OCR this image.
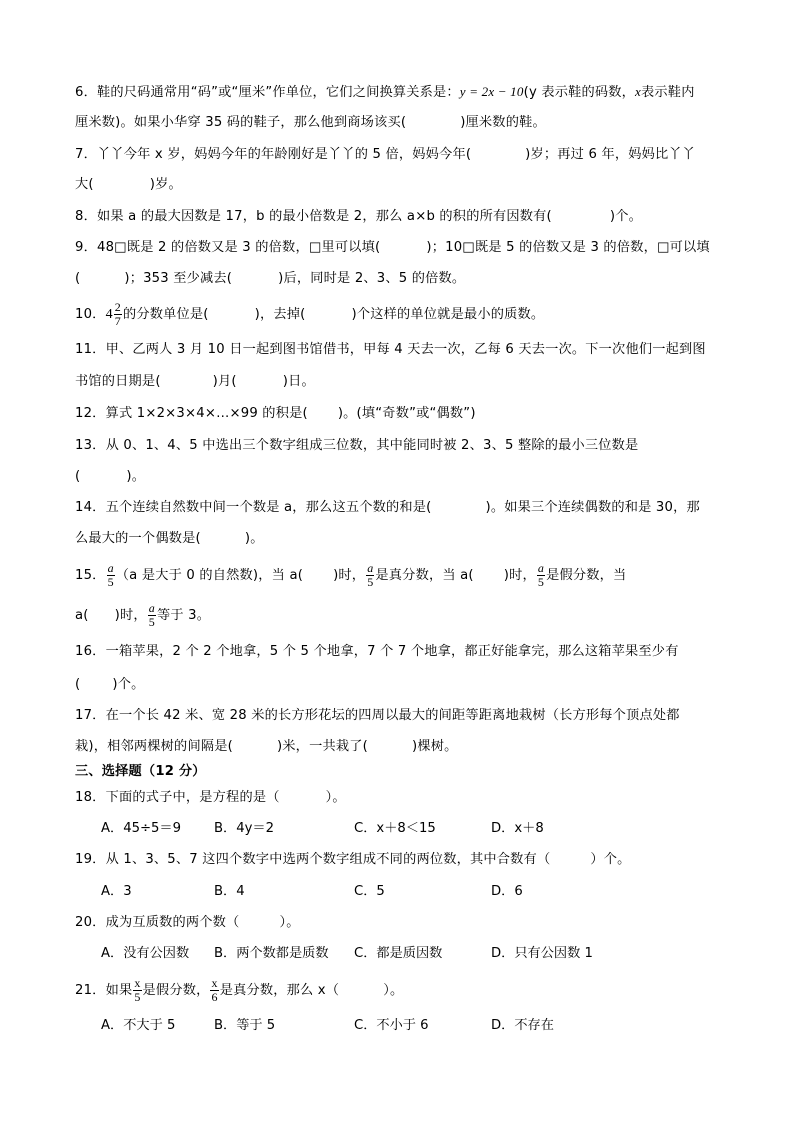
6．鞋的尺码通常用“码”或“厘米”作单位，它们之间换算关系是：y = 2x − 10(y 表示鞋的码数，x表示鞋内
厘米数)。如果小华穿 35 码的鞋子，那么他到商场该买(	)厘米数的鞋。
7．丫丫今年 x 岁，妈妈今年的年龄刚好是丫丫的 5 倍，妈妈今年(	)岁；再过 6 年，妈妈比丫丫
大(	)岁。
8．如果 a 的最大因数是 17，b 的最小倍数是 2，那么 a×b 的积的所有因数有(	)个。
9．48□既是 2 的倍数又是 3 的倍数，□里可以填(	)；10□既是 5 的倍数又是 3 的倍数，□可以填
(	)；353 至少减去(	)后，同时是 2、3、5 的倍数。
10．$4 \frac{2}{7}$ 的分数单位是(	)，去掉(	)个这样的单位就是最小的质数。
11．甲、乙两人 3 月 10 日一起到图书馆借书，甲每 4 天去一次，乙每 6 天去一次。下一次他们一起到图
书馆的日期是(	)月(	)日。
12．算式 1×2×3×4×…×99 的积是( )。(填“奇数”或“偶数”)
13．从 0、1、4、5 中选出三个数字组成三位数，其中能同时被 2、3、5 整除的最小三位数是
(	)。
14．五个连续自然数中间一个数是 a，那么这五个数的和是(	)。如果三个连续偶数的和是 30，那
么最大的一个偶数是(	)。
15． $\frac{a}{5} (a$ 是大于 0 的自然数)，当 a( )时， $\frac{a}{5}$ 是真分数，当 a( )时， $\frac{a}{5}$ 是假分数，当
a( )时， $\frac{a}{5}$ 等于 3。
16．一箱苹果，2 个 2 个地拿，5 个 5 个地拿，7 个 7 个地拿，都正好能拿完，那么这箱苹果至少有
( )个。
17．在一个长 42 米、宽 28 米的长方形花坛的四周以最大的间距等距离地栽树（长方形每个顶点处都
栽)，相邻两棵树的间隔是(	)米，一共栽了(	)棵树。
三、选择题（12 分）
18．下面的式子中，是方程的是（	）。
A．45÷5＝9 B．4y＝2	C．x＋8＜15	D．x＋8
19．从 1、3、5、7 这四个数字中选两个数字组成不同的两位数，其中合数有（	）个。
A．3	B．4	C．5	D．6
20．成为互质数的两个数（	）。
A．没有公因数 B．两个数都是质数 C．都是质因数	D．只有公因数 1
21．如果 $\frac{x}{5}$ 是假分数， $\frac{x}{6}$ 是真分数，那么 x（	）。
A．不大于 5	B．等于 5	C．不小于 6	D．不存在
